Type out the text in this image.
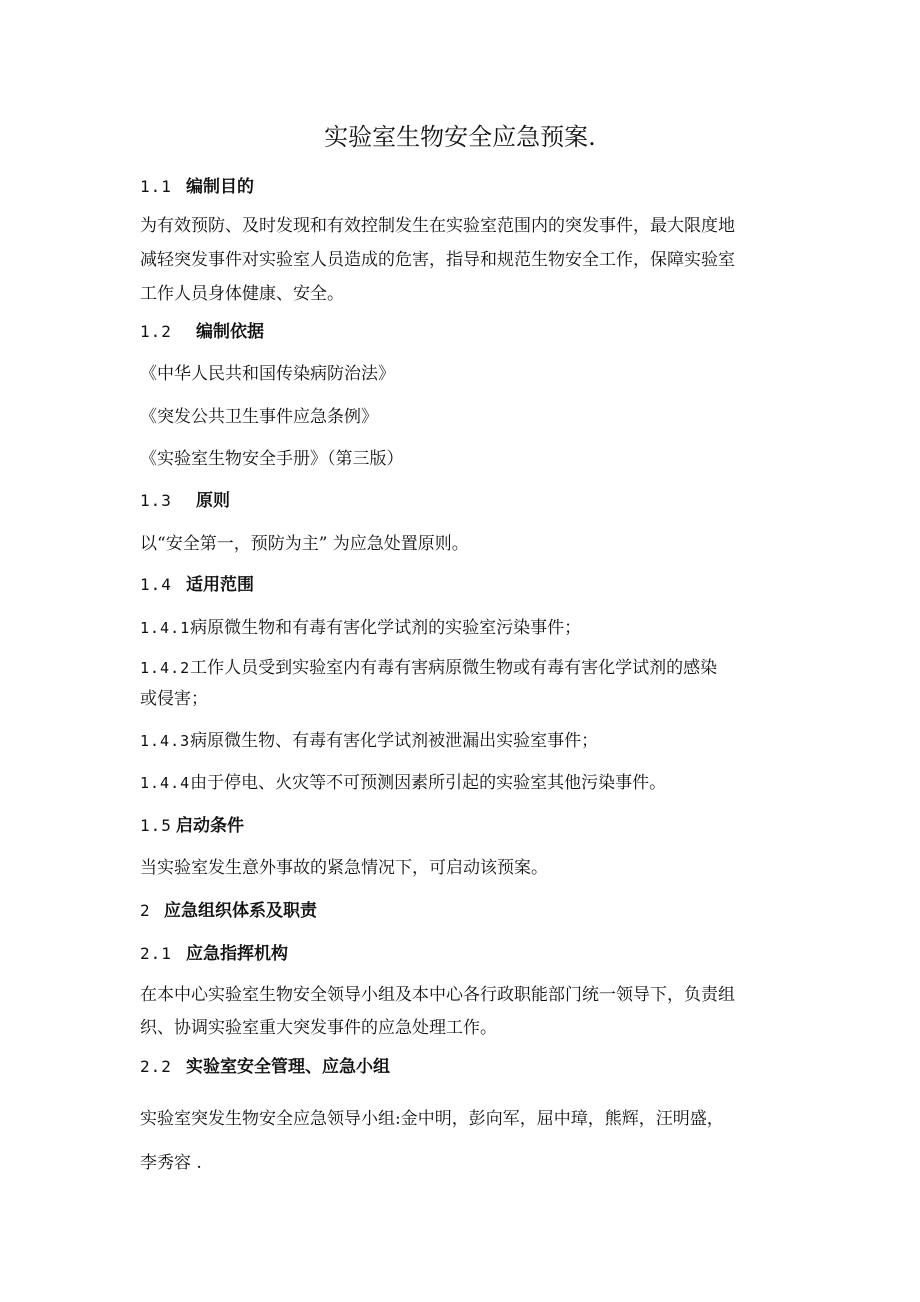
实验室生物安全应急预案.
1.1 编制目的
为有效预防、及时发现和有效控制发生在实验室范围内的突发事件，最大限度地
减轻突发事件对实验室人员造成的危害，指导和规范生物安全工作，保障实验室
工作人员身体健康、安全。
1.2 编制依据
《中华人民共和国传染病防治法》
《突发公共卫生事件应急条例》
《实验室生物安全手册》（第三版）
1.3 原则
以“安全第一，预防为主” 为应急处置原则。
1.4 适用范围
1.4.1病原微生物和有毒有害化学试剂的实验室污染事件；
1.4.2工作人员受到实验室内有毒有害病原微生物或有毒有害化学试剂的感染
或侵害；
1.4.3病原微生物、有毒有害化学试剂被泄漏出实验室事件；
1.4.4由于停电、火灾等不可预测因素所引起的实验室其他污染事件。
1.5 启动条件
当实验室发生意外事故的紧急情况下，可启动该预案。
2 应急组织体系及职责
2.1 应急指挥机构
在本中心实验室生物安全领导小组及本中心各行政职能部门统一领导下，负责组
织、协调实验室重大突发事件的应急处理工作。
2.2 实验室安全管理、应急小组
实验室突发生物安全应急领导小组:金中明，彭向军，屈中璋，熊辉，汪明盛，
李秀容 .
